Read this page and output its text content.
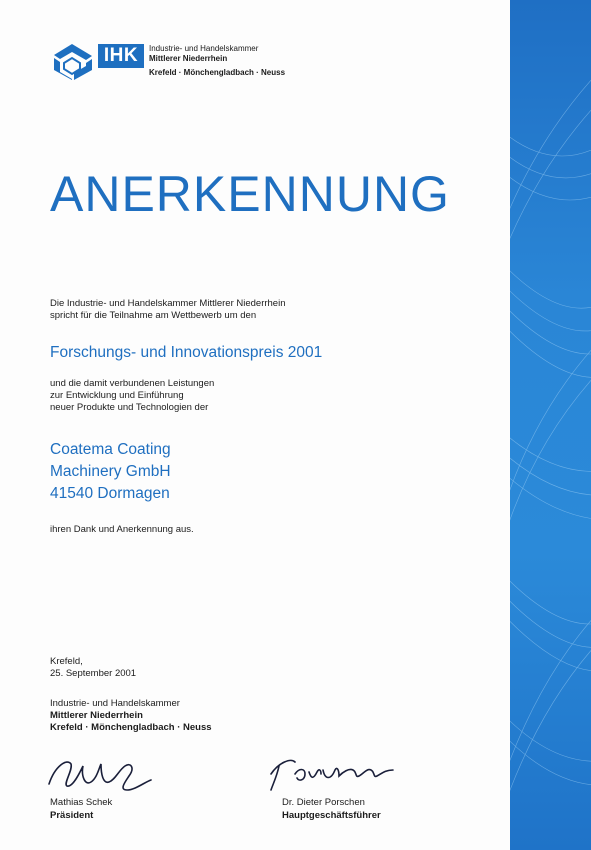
IHK	Industrie- und Handelskammer
Mittlerer Niederrhein
Krefeld · Mönchengladbach · Neuss
ANERKENNUNG
Die Industrie- und Handelskammer Mittlerer Niederrhein
spricht für die Teilnahme am Wettbewerb um den
Forschungs- und Innovationspreis 2001
und die damit verbundenen Leistungen
zur Entwicklung und Einführung
neuer Produkte und Technologien der
Coatema Coating
Machinery GmbH
41540 Dormagen
ihren Dank und Anerkennung aus.
Krefeld,
25. September 2001
Industrie- und Handelskammer
Mittlerer Niederrhein
Krefeld · Mönchengladbach · Neuss
Mathias Schek
Präsident
Dr. Dieter Porschen
Hauptgeschäftsführer
